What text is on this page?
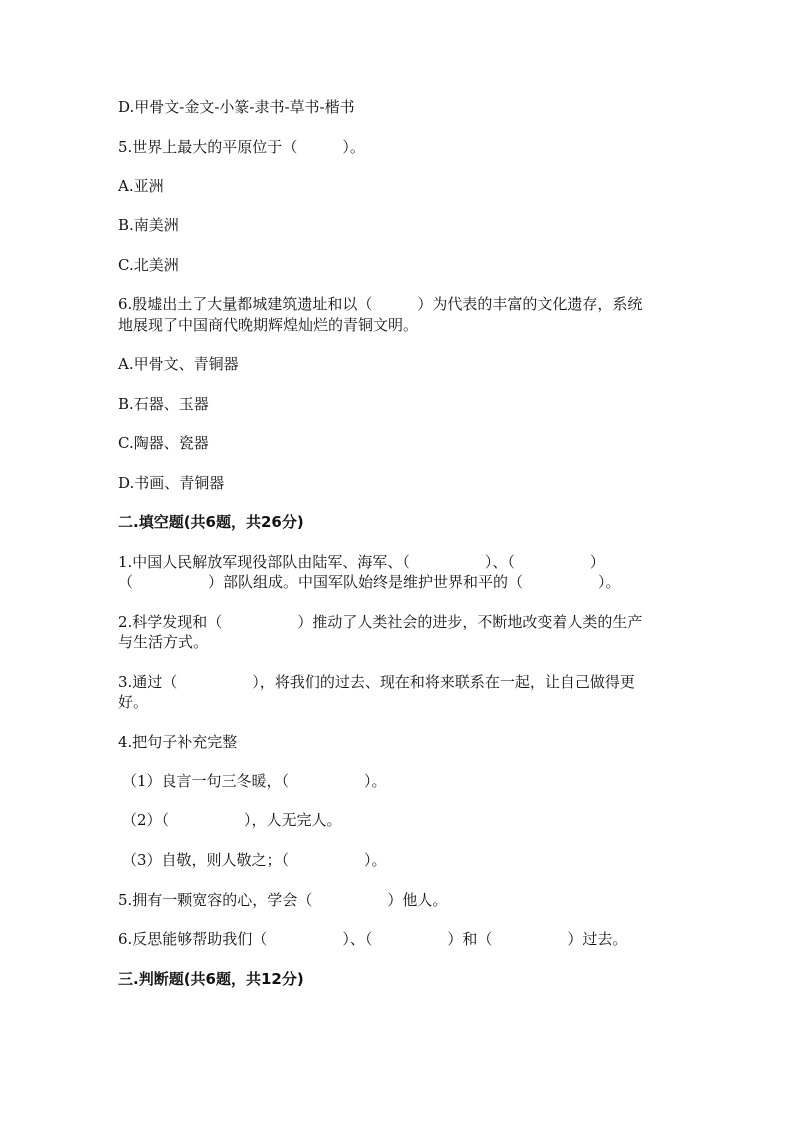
D.甲骨文-金文-小篆-隶书-草书-楷书
5.世界上最大的平原位于（　　　）。
A.亚洲
B.南美洲
C.北美洲
6.殷墟出土了大量都城建筑遗址和以（　　　）为代表的丰富的文化遗存，系统
地展现了中国商代晚期辉煌灿烂的青铜文明。
A.甲骨文、青铜器
B.石器、玉器
C.陶器、瓷器
D.书画、青铜器
二.填空题(共6题，共26分)
1.中国人民解放军现役部队由陆军、海军、（　　　　　）、（　　　　　）
（　　　　　）部队组成。中国军队始终是维护世界和平的（　　　　　）。
2.科学发现和（　　　　　）推动了人类社会的进步，不断地改变着人类的生产
与生活方式。
3.通过（　　　　　），将我们的过去、现在和将来联系在一起，让自己做得更
好。
4.把句子补充完整
（1）良言一句三冬暖，（　　　　　）。
（2）（　　　　　），人无完人。
（3）自敬，则人敬之；（　　　　　）。
5.拥有一颗宽容的心，学会（　　　　　）他人。
6.反思能够帮助我们（　　　　　）、（　　　　　）和（　　　　　）过去。
三.判断题(共6题，共12分)
